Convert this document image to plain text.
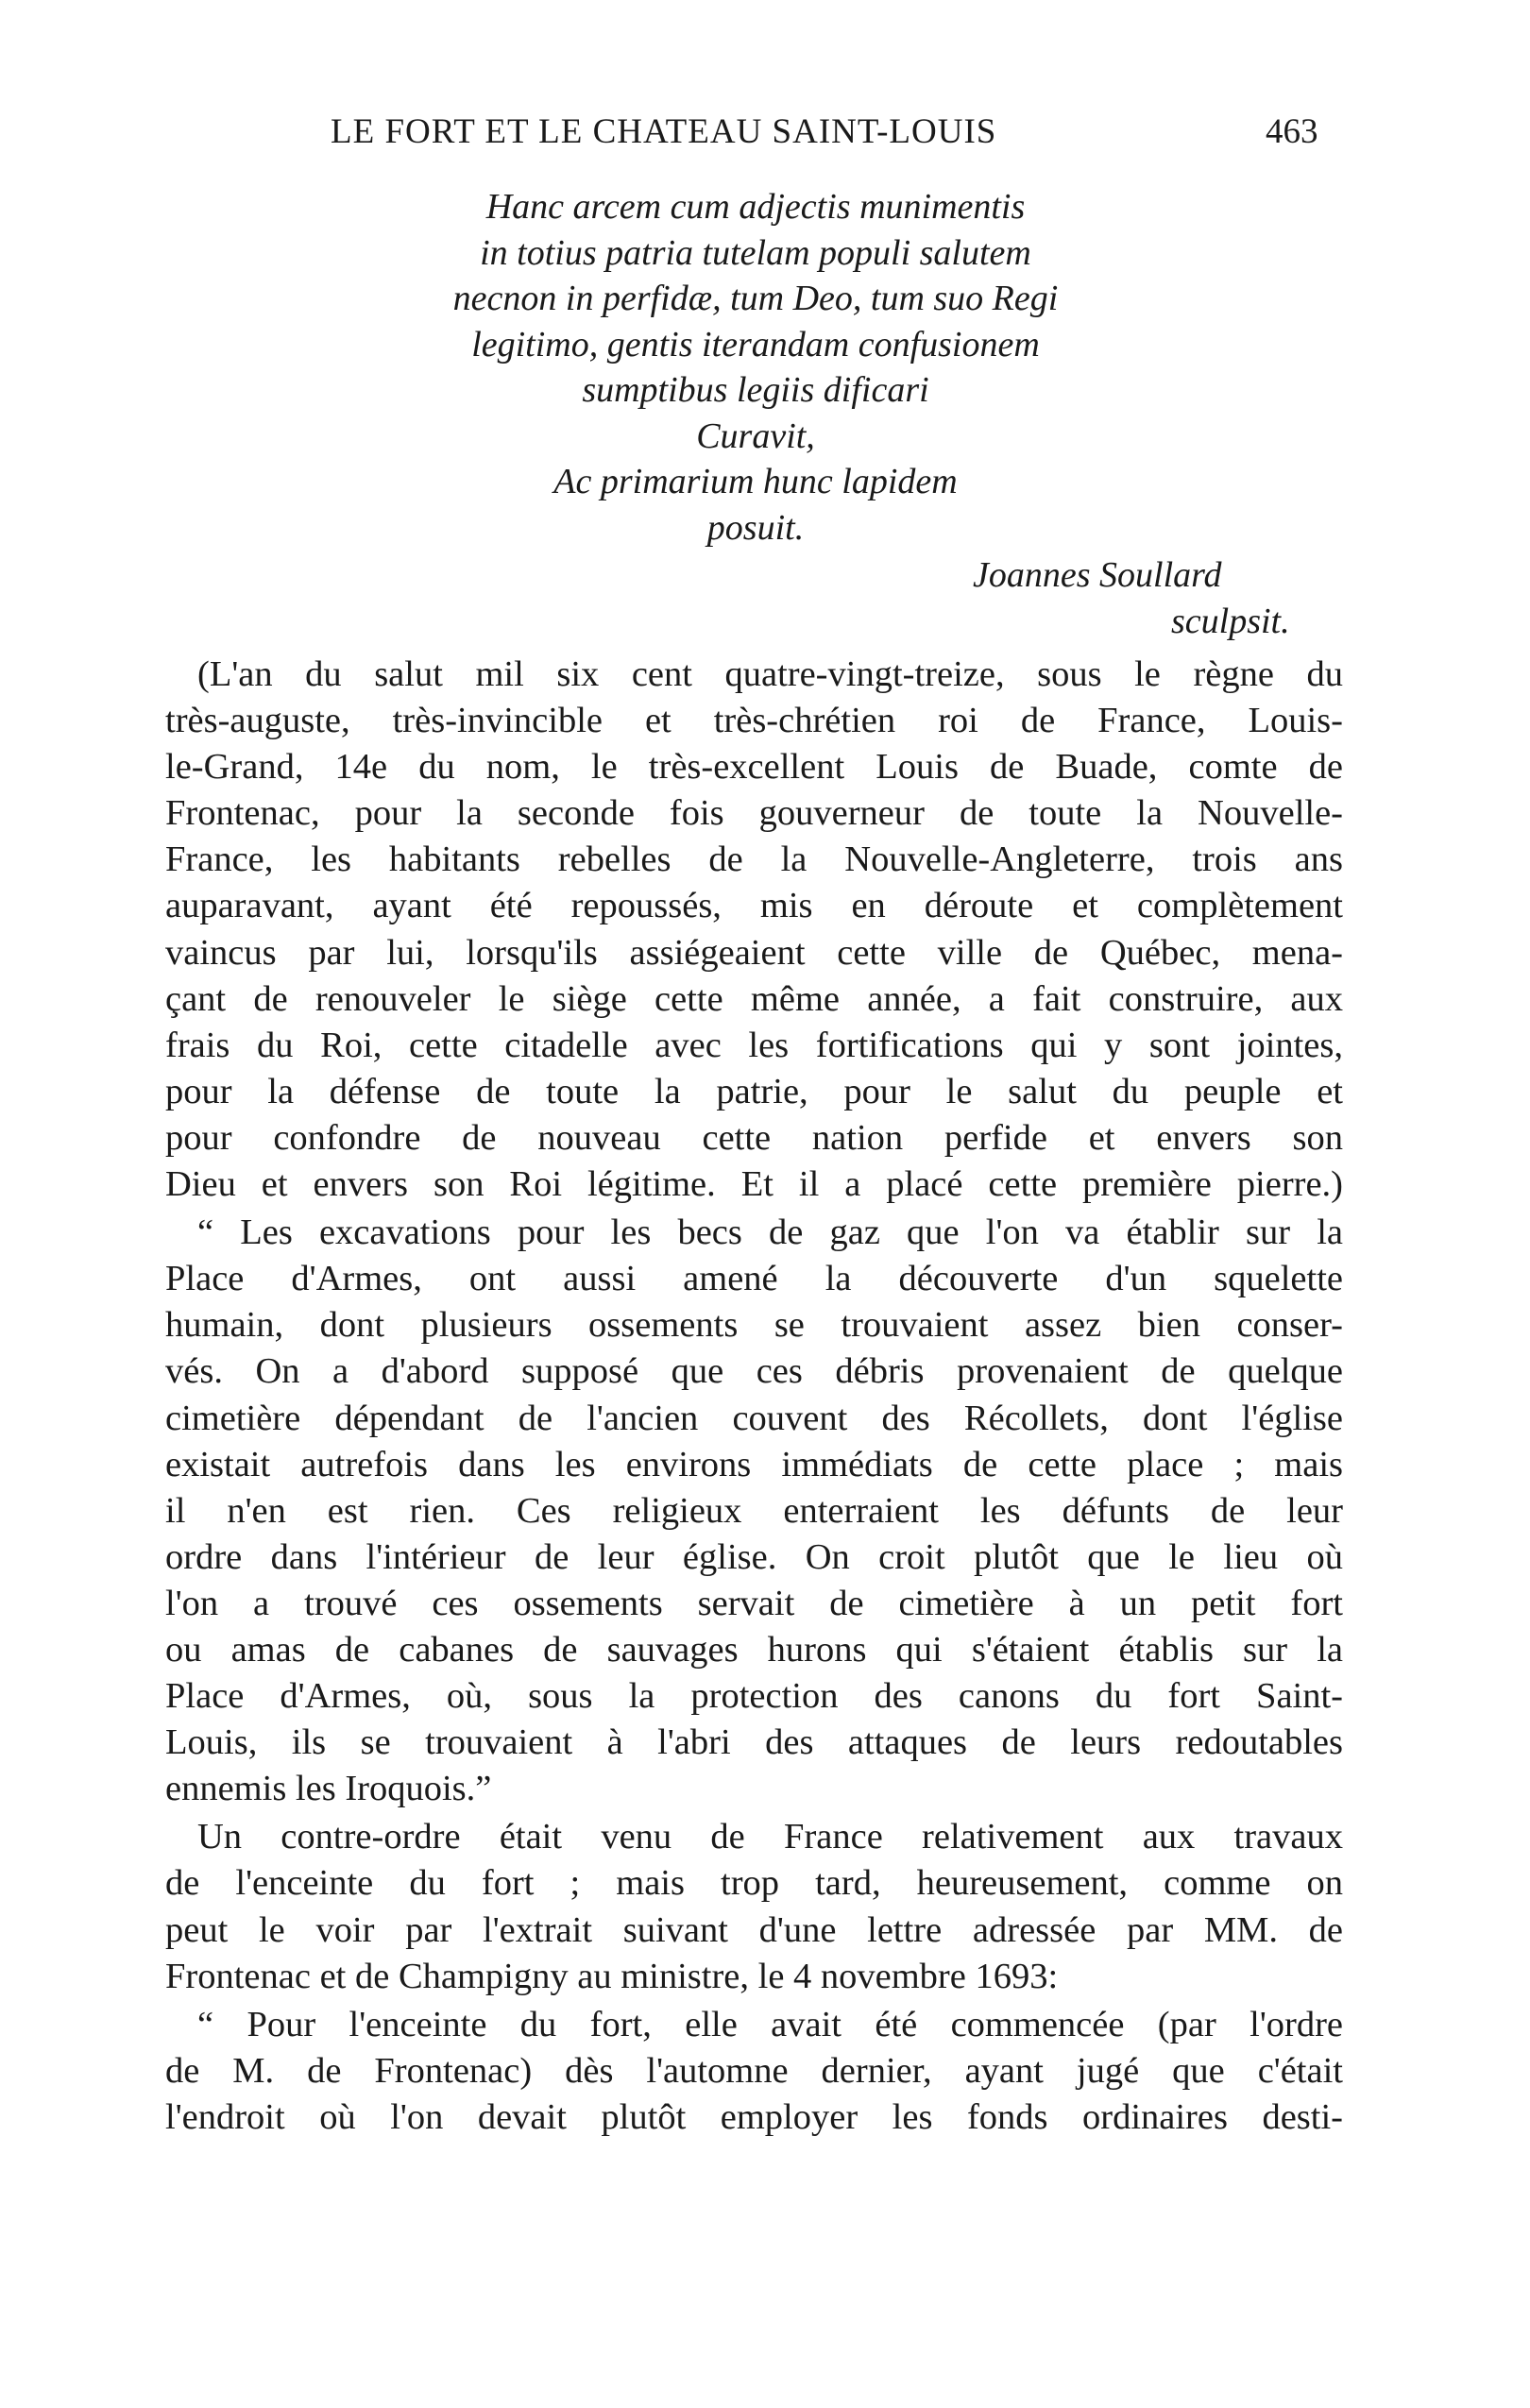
LE FORT ET LE CHATEAU SAINT-LOUIS	463
Hanc arcem cum adjectis munimentis
in totius patria tutelam populi salutem
necnon in perfidæ, tum Deo, tum suo Regi
legitimo, gentis iterandam confusionem
sumptibus legiis dificari
Curavit,
Ac primarium hunc lapidem
posuit.
Joannes Soullard
sculpsit.
(L'an du salut mil six cent quatre-vingt-treize, sous le règne du
très-auguste, très-invincible et très-chrétien roi de France, Louis-
le-Grand, 14e du nom, le très-excellent Louis de Buade, comte de
Frontenac, pour la seconde fois gouverneur de toute la Nouvelle-
France, les habitants rebelles de la Nouvelle-Angleterre, trois ans
auparavant, ayant été repoussés, mis en déroute et complètement
vaincus par lui, lorsqu'ils assiégeaient cette ville de Québec, mena-
çant de renouveler le siège cette même année, a fait construire, aux
frais du Roi, cette citadelle avec les fortifications qui y sont jointes,
pour la défense de toute la patrie, pour le salut du peuple et
pour confondre de nouveau cette nation perfide et envers son
Dieu et envers son Roi légitime. Et il a placé cette première pierre.)
“ Les excavations pour les becs de gaz que l'on va établir sur la
Place d'Armes, ont aussi amené la découverte d'un squelette
humain, dont plusieurs ossements se trouvaient assez bien conser-
vés. On a d'abord supposé que ces débris provenaient de quelque
cimetière dépendant de l'ancien couvent des Récollets, dont l'église
existait autrefois dans les environs immédiats de cette place ; mais
il n'en est rien. Ces religieux enterraient les défunts de leur
ordre dans l'intérieur de leur église. On croit plutôt que le lieu où
l'on a trouvé ces ossements servait de cimetière à un petit fort
ou amas de cabanes de sauvages hurons qui s'étaient établis sur la
Place d'Armes, où, sous la protection des canons du fort Saint-
Louis, ils se trouvaient à l'abri des attaques de leurs redoutables
ennemis les Iroquois.”
Un contre-ordre était venu de France relativement aux travaux
de l'enceinte du fort ; mais trop tard, heureusement, comme on
peut le voir par l'extrait suivant d'une lettre adressée par MM. de
Frontenac et de Champigny au ministre, le 4 novembre 1693:
“ Pour l'enceinte du fort, elle avait été commencée (par l'ordre
de M. de Frontenac) dès l'automne dernier, ayant jugé que c'était
l'endroit où l'on devait plutôt employer les fonds ordinaires desti-
